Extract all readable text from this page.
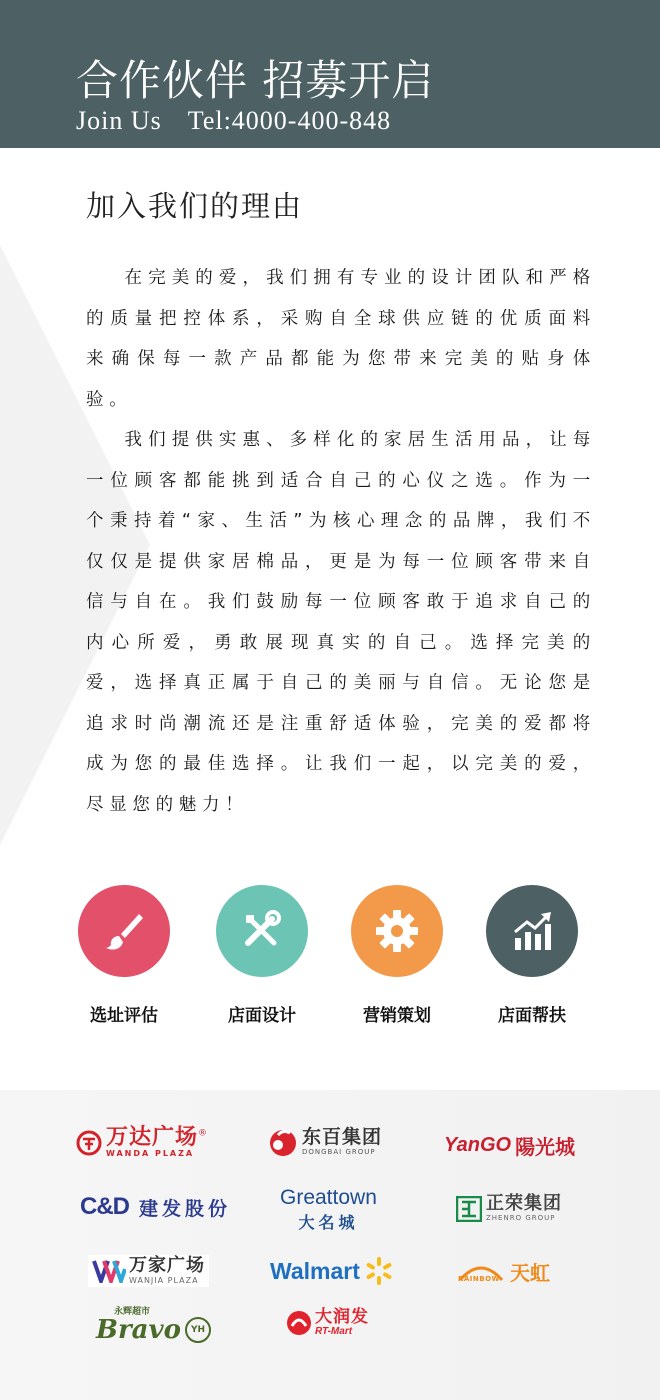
合作伙伴 招募开启
Join Us Tel:4000-400-848
加入我们的理由

在完美的爱，我们拥有专业的设计团队和严格的质量把控体系，采购自全球供应链的优质面料来确保每一款产品都能为您带来完美的贴身体验。

我们提供实惠、多样化的家居生活用品，让每一位顾客都能挑到适合自己的心仪之选。作为一个秉持着“家、生活”为核心理念的品牌，我们不仅仅是提供家居棉品，更是为每一位顾客带来自信与自在。我们鼓励每一位顾客敢于追求自己的内心所爱，勇敢展现真实的自己。选择完美的爱，选择真正属于自己的美丽与自信。无论您是追求时尚潮流还是注重舒适体验，完美的爱都将成为您的最佳选择。让我们一起，以完美的爱，尽显您的魅力！

选址评估	店面设计	营销策划	店面帮扶
万达广场®
WANDA PLAZA
东百集团
DONGBAI GROUP	YanGO 陽光城
C&D 建发股份 Greattown
大名城
正荣集团
ZHENRO GROUP
万家广场
WANJIA PLAZA	Walmart	RAINBOW 天虹
永辉超市
Bravo	YH
大润发
RT-Mart
